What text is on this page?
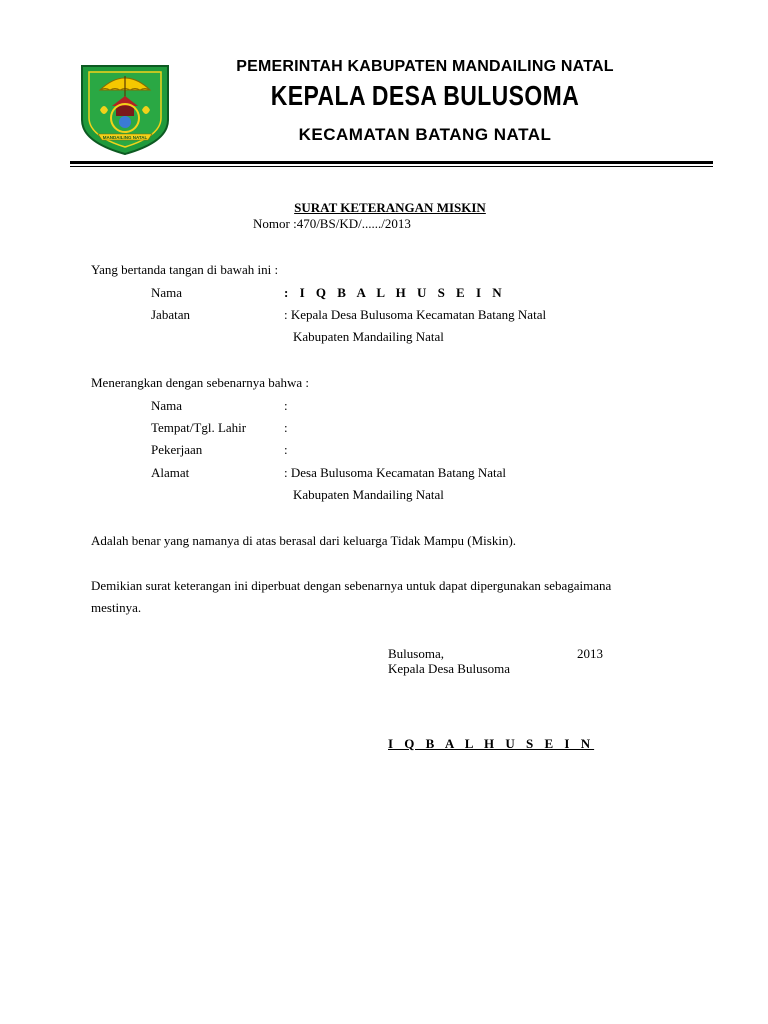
MANDAILING NATAL
PEMERINTAH KABUPATEN MANDAILING NATAL
KEPALA DESA BULUSOMA
KECAMATAN BATANG NATAL
SURAT KETERANGAN MISKIN
Nomor :470/BS/KD/....../2013
Yang bertanda tangan di bawah ini :
Nama	: I Q B A L H U S E I N
Jabatan	: Kepala Desa Bulusoma Kecamatan Batang Natal
Kabupaten Mandailing Natal
Menerangkan dengan sebenarnya bahwa :
Nama	:
Tempat/Tgl. Lahir	:
Pekerjaan	:
Alamat	: Desa Bulusoma Kecamatan Batang Natal
Kabupaten Mandailing Natal
Adalah benar yang namanya di atas berasal dari keluarga Tidak Mampu (Miskin).
Demikian surat keterangan ini diperbuat dengan sebenarnya untuk dapat dipergunakan sebagaimana
mestinya.
Bulusoma,	2013
Kepala Desa Bulusoma
I Q B A L H U S E I N
